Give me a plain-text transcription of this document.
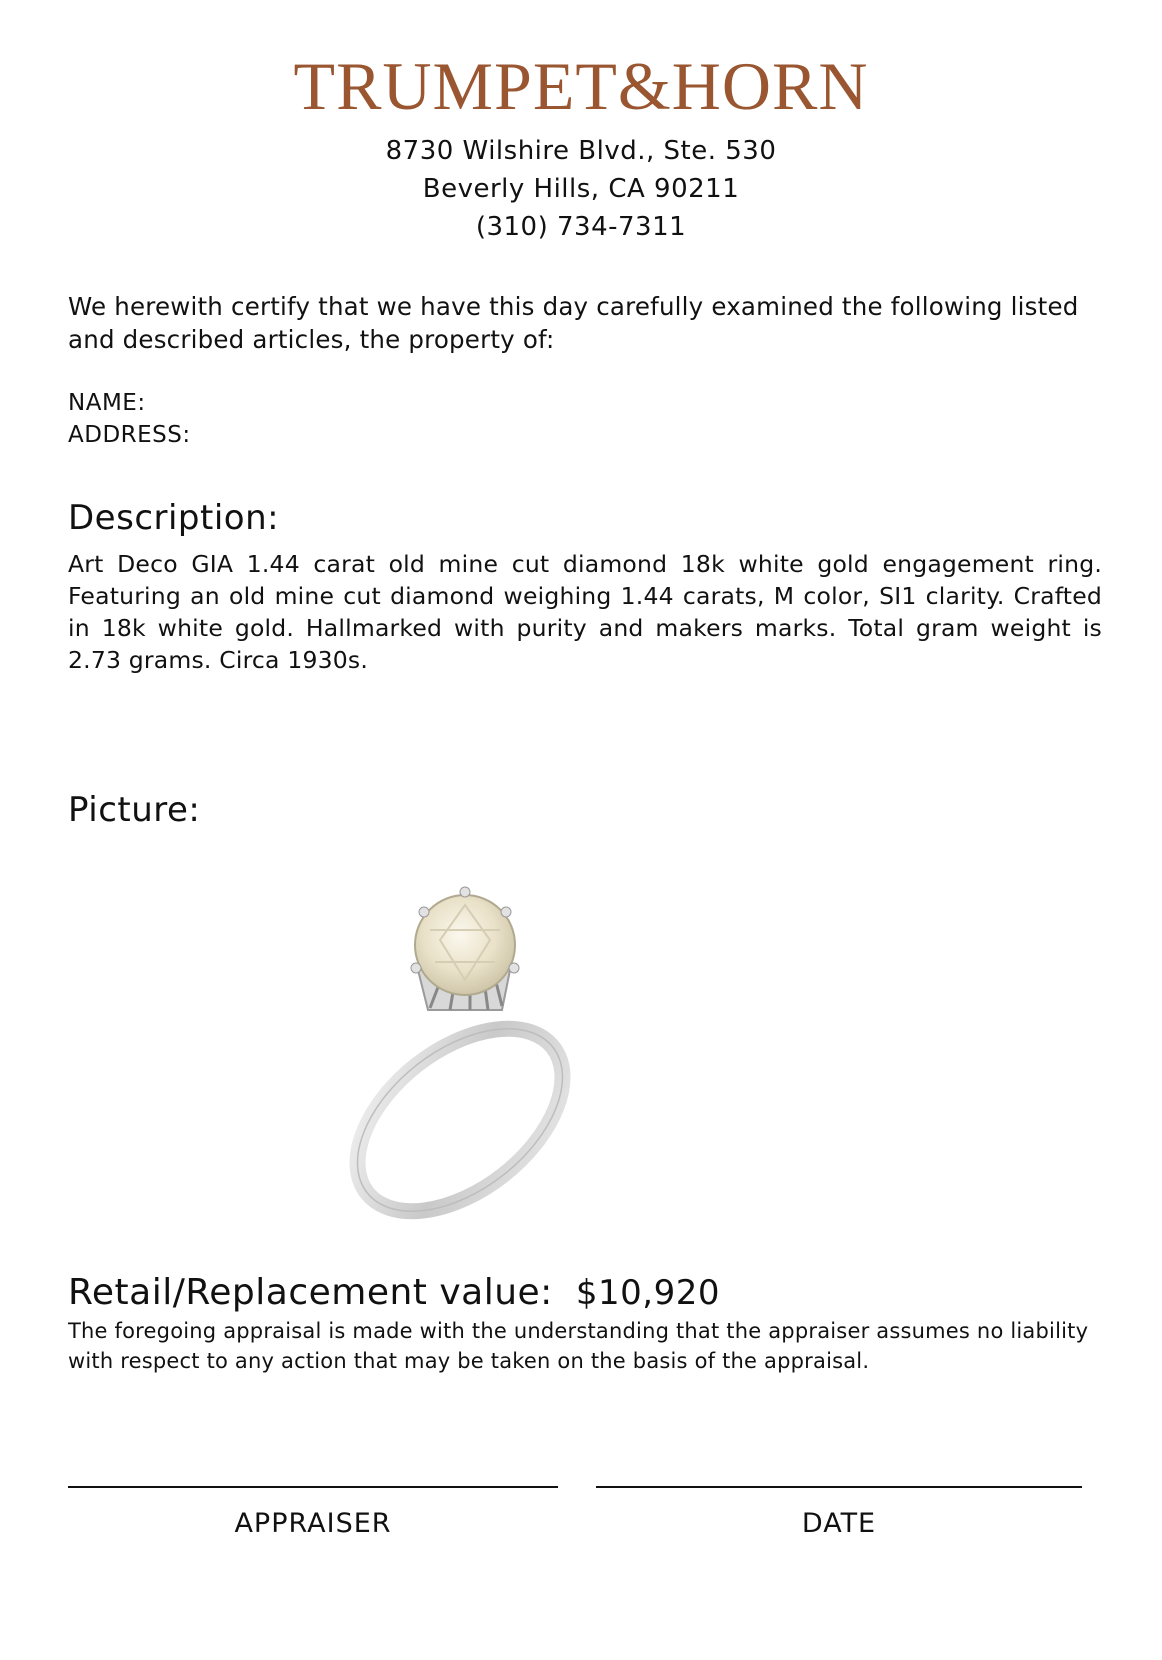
TRUMPET&HORN
8730 Wilshire Blvd., Ste. 530
Beverly Hills, CA 90211
(310) 734-7311
We herewith certify that we have this day carefully examined the following listed and described articles, the property of:
NAME:
ADDRESS:
Description:
Art Deco GIA 1.44 carat old mine cut diamond 18k white gold engagement ring. Featuring an old mine cut diamond weighing 1.44 carats, M color, SI1 clarity. Crafted in 18k white gold. Hallmarked with purity and makers marks. Total gram weight is 2.73 grams. Circa 1930s.
Picture:
Retail/Replacement value: $10,920
The foregoing appraisal is made with the understanding that the appraiser assumes no liability with respect to any action that may be taken on the basis of the appraisal.
APPRAISER	DATE
